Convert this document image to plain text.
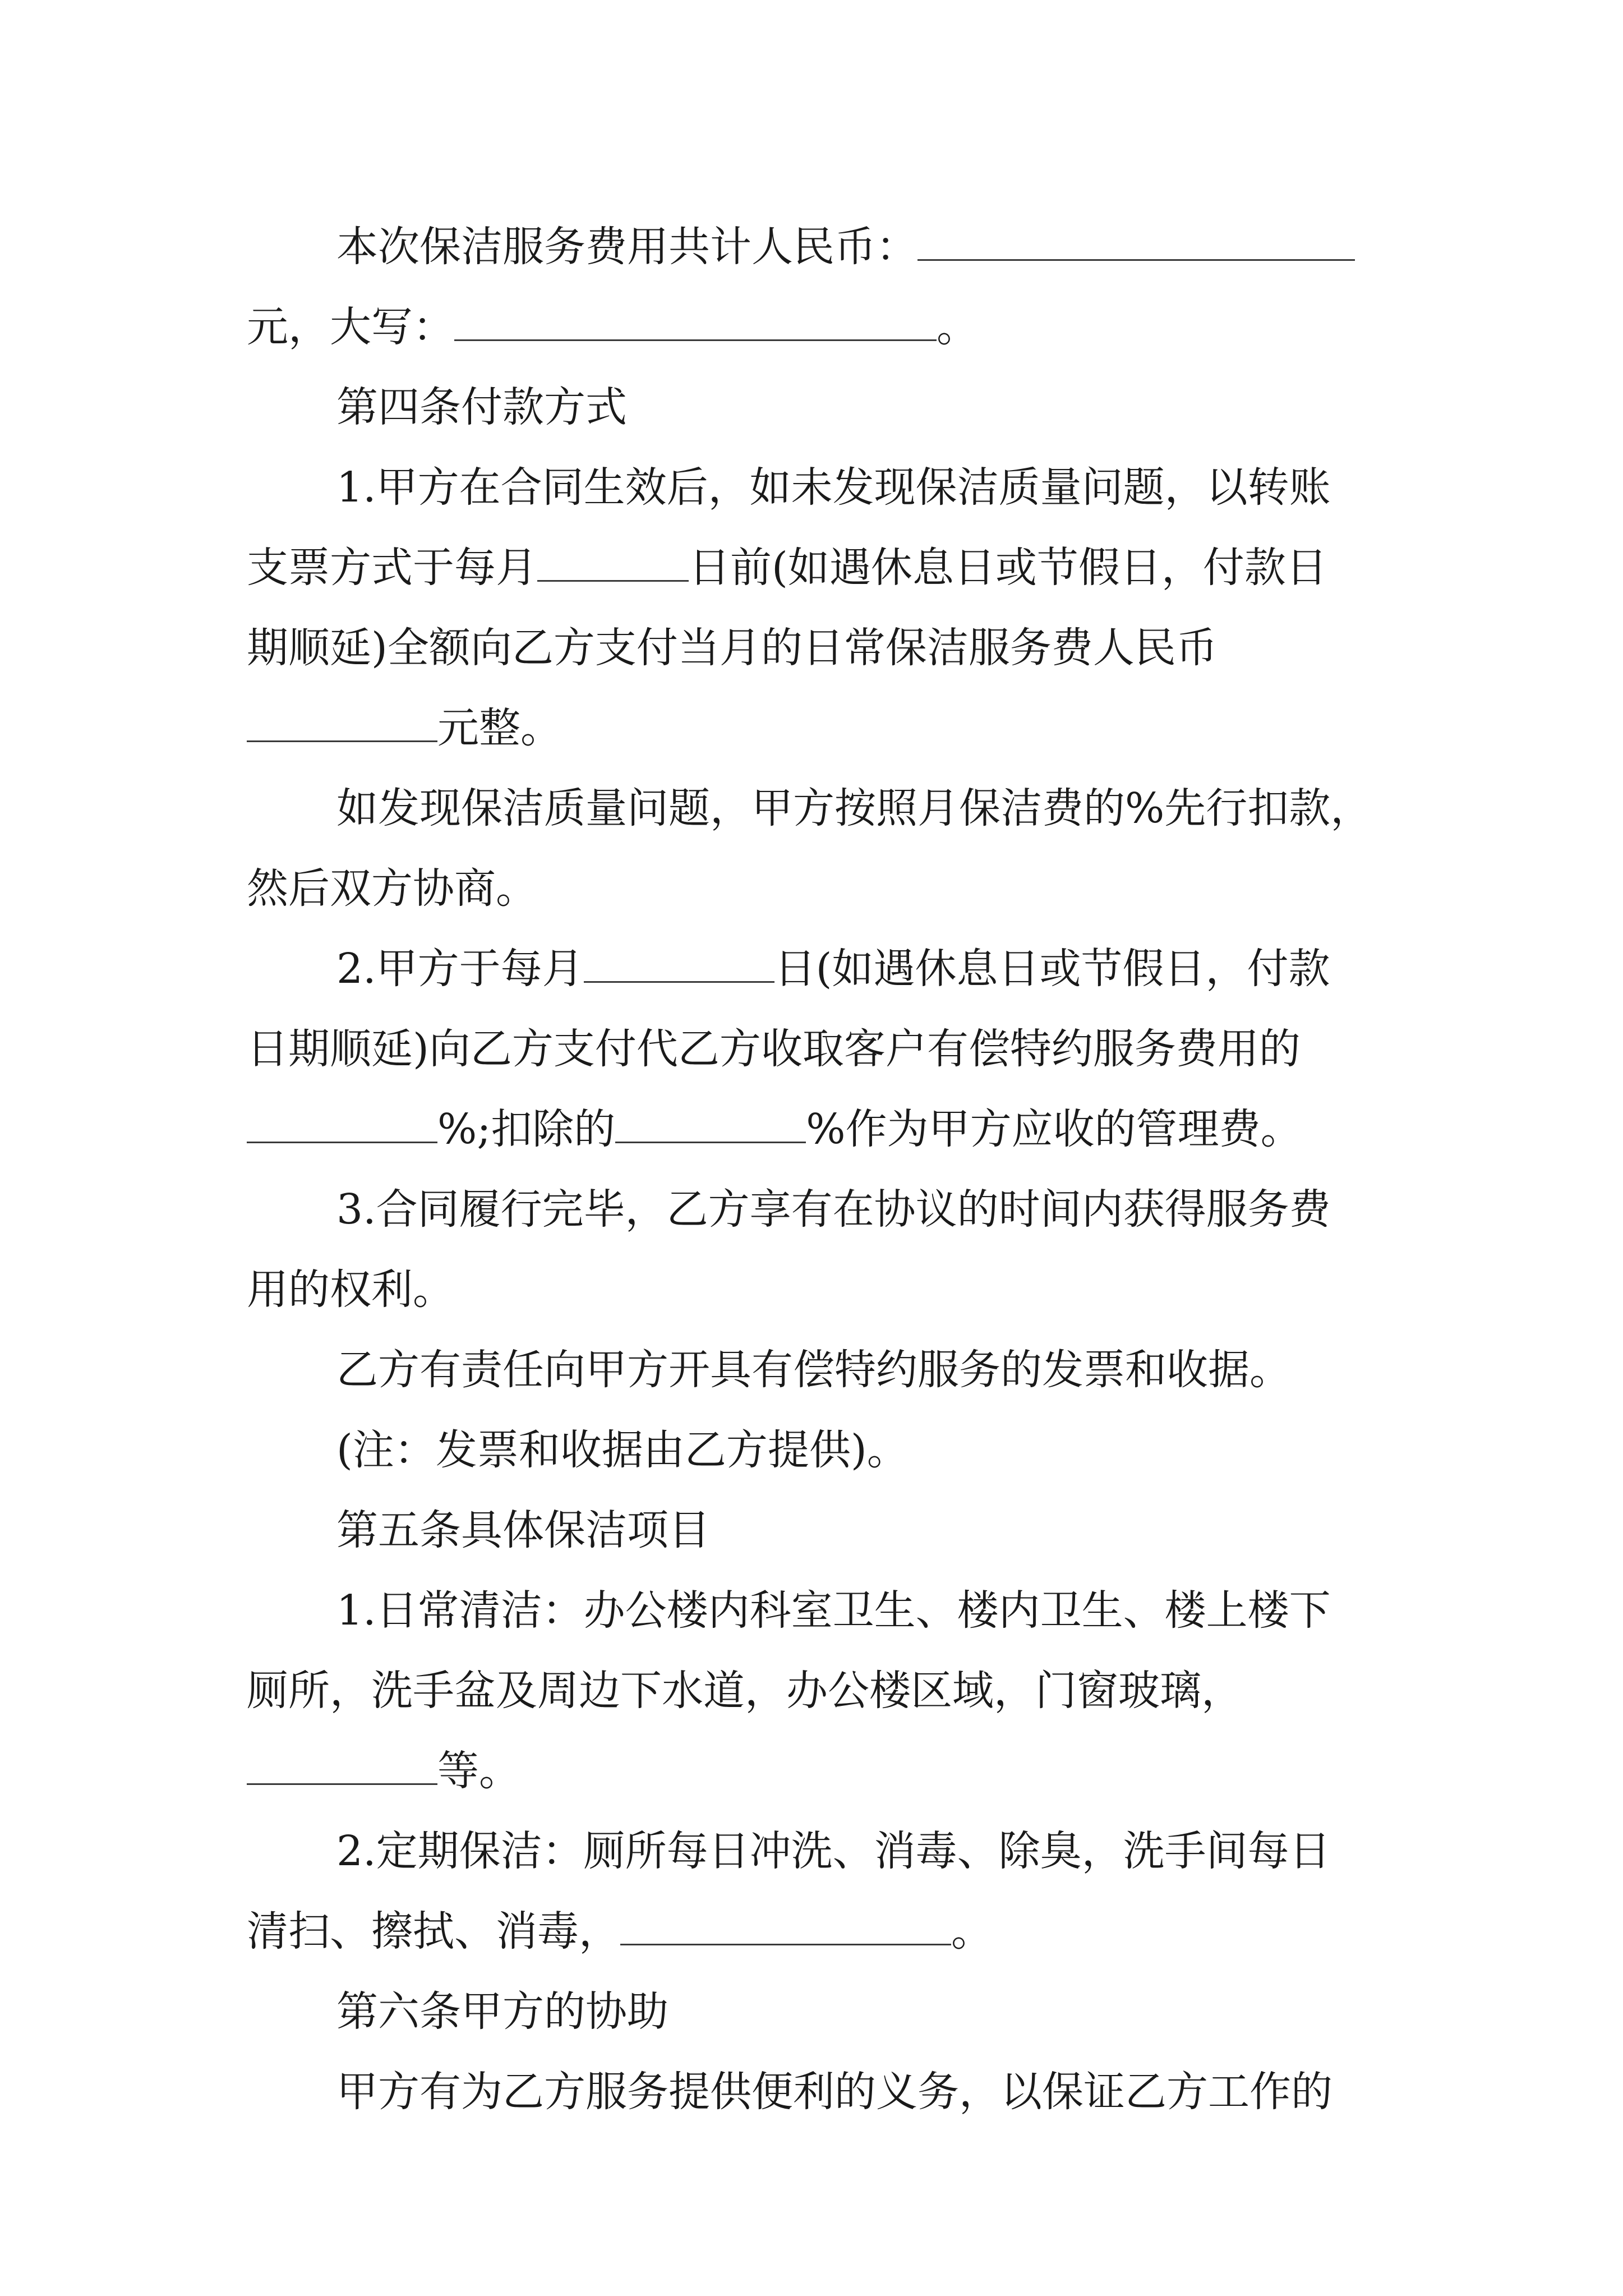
本次保洁服务费用共计人民币：
元，大写：	。
第四条付款方式
1.甲方在合同生效后，如未发现保洁质量问题，以转账
支票方式于每月	日前(如遇休息日或节假日，付款日
期顺延)全额向乙方支付当月的日常保洁服务费人民币
元整。
如发现保洁质量问题，甲方按照月保洁费的%先行扣款，
然后双方协商。
2.甲方于每月	日(如遇休息日或节假日，付款
日期顺延)向乙方支付代乙方收取客户有偿特约服务费用的
%;扣除的	%作为甲方应收的管理费。
3.合同履行完毕，乙方享有在协议的时间内获得服务费
用的权利。
乙方有责任向甲方开具有偿特约服务的发票和收据。
(注：发票和收据由乙方提供)。
第五条具体保洁项目
1.日常清洁：办公楼内科室卫生、楼内卫生、楼上楼下
厕所，洗手盆及周边下水道，办公楼区域，门窗玻璃，
等。
2.定期保洁：厕所每日冲洗、消毒、除臭，洗手间每日
清扫、擦拭、消毒，	。
第六条甲方的协助
甲方有为乙方服务提供便利的义务，以保证乙方工作的
